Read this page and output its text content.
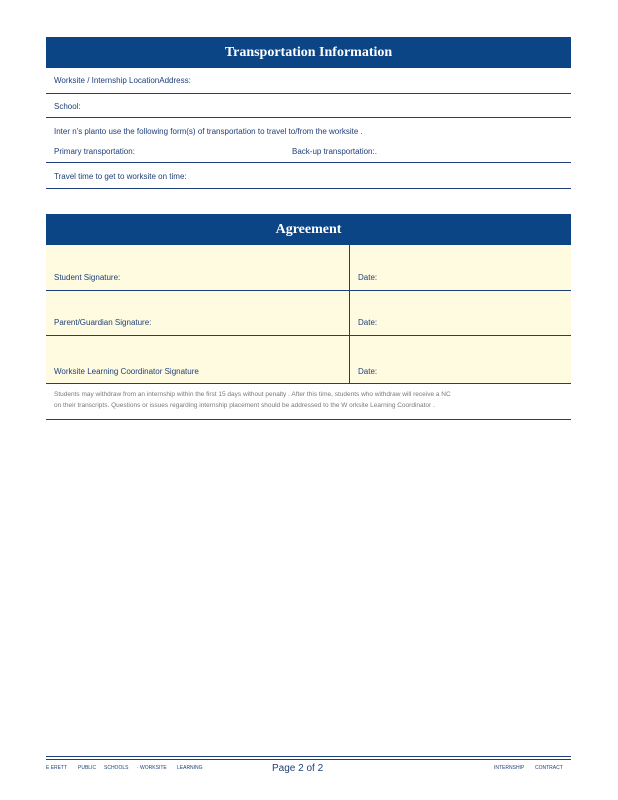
Transportation Information
Worksite / Internship LocationAddress:
School:
Inter n's planto use the following form(s) of transportation to travel to/from the worksite .
Primary transportation:	Back-up transportation:.
Travel time to get to worksite on time:
Agreement
Student Signature:	Date:
Parent/Guardian Signature:	Date:
Worksite Learning Coordinator Signature	Date:
Students may withdraw from an internship within the first 15 days without penalty . After this time, students who withdraw will receive a NC
on their transcripts. Questions or issues regarding internship placement should be addressed to the W orksite Learning Coordinator .
E ERETT PUBLIC SCHOOLS · WORKSITE LEARNING	Page 2 of 2	INTERNSHIP CONTRACT
